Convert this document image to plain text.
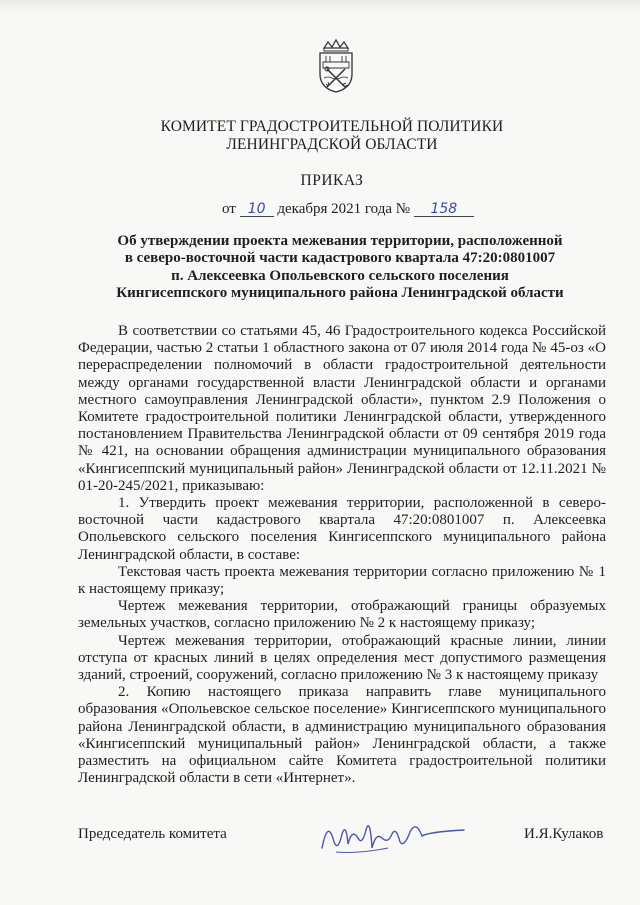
КОМИТЕТ ГРАДОСТРОИТЕЛЬНОЙ ПОЛИТИКИ
ЛЕНИНГРАДСКОЙ ОБЛАСТИ
ПРИКАЗ
от 10 декабря 2021 года № 158
Об утверждении проекта межевания территории, расположенной
в северо-восточной части кадастрового квартала 47:20:0801007
п. Алексеевка Опольевского сельского поселения
Кингисеппского муниципального района Ленинградской области

В соответствии со статьями 45, 46 Градостроительного кодекса Российской Федерации, частью 2 статьи 1 областного закона от 07 июля 2014 года № 45-оз «О перераспределении полномочий в области градостроительной деятельности между органами государственной власти Ленинградской области и органами местного самоуправления Ленинградской области», пунктом 2.9 Положения о Комитете градостроительной политики Ленинградской области, утвержденного постановлением Правительства Ленинградской области от 09 сентября 2019 года № 421, на основании обращения администрации муниципального образования «Кингисеппский муниципальный район» Ленинградской области от 12.11.2021 № 01-20-245/2021, приказываю:

1. Утвердить проект межевания территории, расположенной в северо-восточной части кадастрового квартала 47:20:0801007 п. Алексеевка Опольевского сельского поселения Кингисеппского муниципального района Ленинградской области, в составе:

Текстовая часть проекта межевания территории согласно приложению № 1 к настоящему приказу;

Чертеж межевания территории, отображающий границы образуемых земельных участков, согласно приложению № 2 к настоящему приказу;

Чертеж межевания территории, отображающий красные линии, линии отступа от красных линий в целях определения мест допустимого размещения зданий, строений, сооружений, согласно приложению № 3 к настоящему приказу

2. Копию настоящего приказа направить главе муниципального образования «Опольевское сельское поселение» Кингисеппского муниципального района Ленинградской области, в администрацию муниципального образования «Кингисеппский муниципальный район» Ленинградской области, а также разместить на официальном сайте Комитета градостроительной политики Ленинградской области в сети «Интернет».

Председатель комитета	И.Я.Кулаков
